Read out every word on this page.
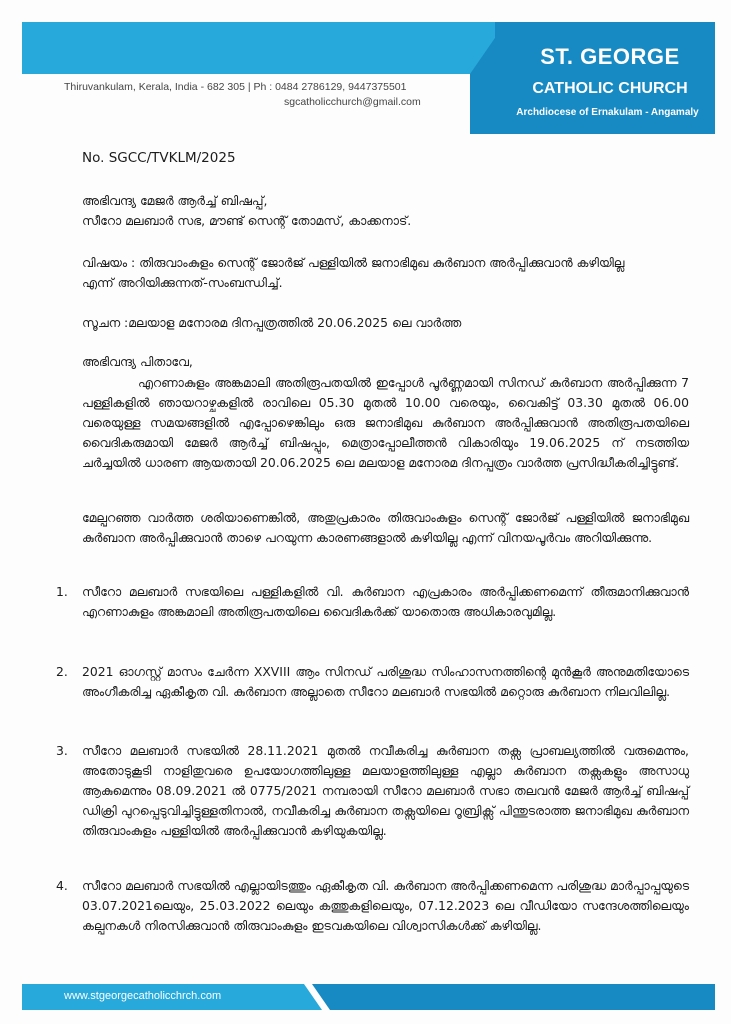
ST. GEORGE
CATHOLIC CHURCH
Archdiocese of Ernakulam - Angamaly
Thiruvankulam, Kerala, India - 682 305 | Ph : 0484 2786129, 9447375501
sgcatholicchurch@gmail.com
No. SGCC/TVKLM/2025
അഭിവന്ദ്യ മേജർ ആർച്ച് ബിഷപ്പ്,
സീറോ മലബാർ സഭ, മൗണ്ട് സെന്റ് തോമസ്, കാക്കനാട്.
വിഷയം : തിരുവാംകുളം സെന്റ് ജോർജ് പള്ളിയിൽ ജനാഭിമുഖ കുർബാന അർപ്പിക്കുവാൻ കഴിയില്ല
എന്ന് അറിയിക്കുന്നത്-സംബന്ധിച്ച്.
സൂചന :മലയാള മനോരമ ദിനപ്പത്രത്തിൽ 20.06.2025 ലെ വാർത്ത
അഭിവന്ദ്യ പിതാവേ,
എറണാകുളം അങ്കമാലി അതിരൂപതയിൽ ഇപ്പോൾ പൂർണ്ണമായി സിനഡ് കുർബാന അർപ്പിക്കുന്ന 7 പള്ളികളിൽ ഞായറാഴ്ചകളിൽ രാവിലെ 05.30 മുതൽ 10.00 വരെയും, വൈകിട്ട് 03.30 മുതൽ 06.00 വരെയുള്ള സമയങ്ങളിൽ എപ്പോഴെങ്കിലും ഒരു ജനാഭിമുഖ കുർബാന അർപ്പിക്കുവാൻ അതിരൂപതയിലെ വൈദികരുമായി മേജർ ആർച്ച് ബിഷപ്പും, മെത്രാപ്പോലീത്തൻ വികാരിയും 19.06.2025 ന് നടത്തിയ ചർച്ചയിൽ ധാരണ ആയതായി 20.06.2025 ലെ മലയാള മനോരമ ദിനപ്പത്രം വാർത്ത പ്രസിദ്ധീകരിച്ചിട്ടുണ്ട്.
മേല്പറഞ്ഞ വാർത്ത ശരിയാണെങ്കിൽ, അതുപ്രകാരം തിരുവാംകുളം സെന്റ് ജോർജ് പള്ളിയിൽ ജനാഭിമുഖ കുർബാന അർപ്പിക്കുവാൻ താഴെ പറയുന്ന കാരണങ്ങളാൽ കഴിയില്ല എന്ന് വിനയപൂർവം അറിയിക്കുന്നു.
1. സീറോ മലബാർ സഭയിലെ പള്ളികളിൽ വി. കുർബാന എപ്രകാരം അർപ്പിക്കണമെന്ന് തീരുമാനിക്കുവാൻ എറണാകുളം അങ്കമാലി അതിരൂപതയിലെ വൈദികർക്ക് യാതൊരു അധികാരവുമില്ല.
2. 2021 ഓഗസ്റ്റ് മാസം ചേർന്ന XXVIII ആം സിനഡ് പരിശുദ്ധ സിംഹാസനത്തിന്റെ മുൻകൂർ അനുമതിയോടെ അംഗീകരിച്ച ഏകീകൃത വി. കുർബാന അല്ലാതെ സീറോ മലബാർ സഭയിൽ മറ്റൊരു കുർബാന നിലവിലില്ല.
3. സീറോ മലബാർ സഭയിൽ 28.11.2021 മുതൽ നവീകരിച്ച കുർബാന തക്സ പ്രാബല്യത്തിൽ വരുമെന്നും, അതോടുകൂടി നാളിതുവരെ ഉപയോഗത്തിലുള്ള മലയാളത്തിലുള്ള എല്ലാ കുർബാന തക്സകളും അസാധു ആകുമെന്നും 08.09.2021 ൽ 0775/2021 നമ്പരായി സീറോ മലബാർ സഭാ തലവൻ മേജർ ആർച്ച് ബിഷപ്പ് ഡിക്രി പുറപ്പെടുവിച്ചിട്ടുള്ളതിനാൽ, നവീകരിച്ച കുർബാന തക്സയിലെ റൂബ്രിക്സ് പിന്തുടരാത്ത ജനാഭിമുഖ കുർബാന തിരുവാംകുളം പള്ളിയിൽ അർപ്പിക്കുവാൻ കഴിയുകയില്ല.
4. സീറോ മലബാർ സഭയിൽ എല്ലായിടത്തും ഏകീകൃത വി. കുർബാന അർപ്പിക്കണമെന്ന പരിശുദ്ധ മാർപ്പാപ്പയുടെ 03.07.2021ലെയും, 25.03.2022 ലെയും കത്തുകളിലെയും, 07.12.2023 ലെ വീഡിയോ സന്ദേശത്തിലെയും കല്പനകൾ നിരസിക്കുവാൻ തിരുവാംകുളം ഇടവകയിലെ വിശ്വാസികൾക്ക് കഴിയില്ല.
www.stgeorgecatholicchrch.com
